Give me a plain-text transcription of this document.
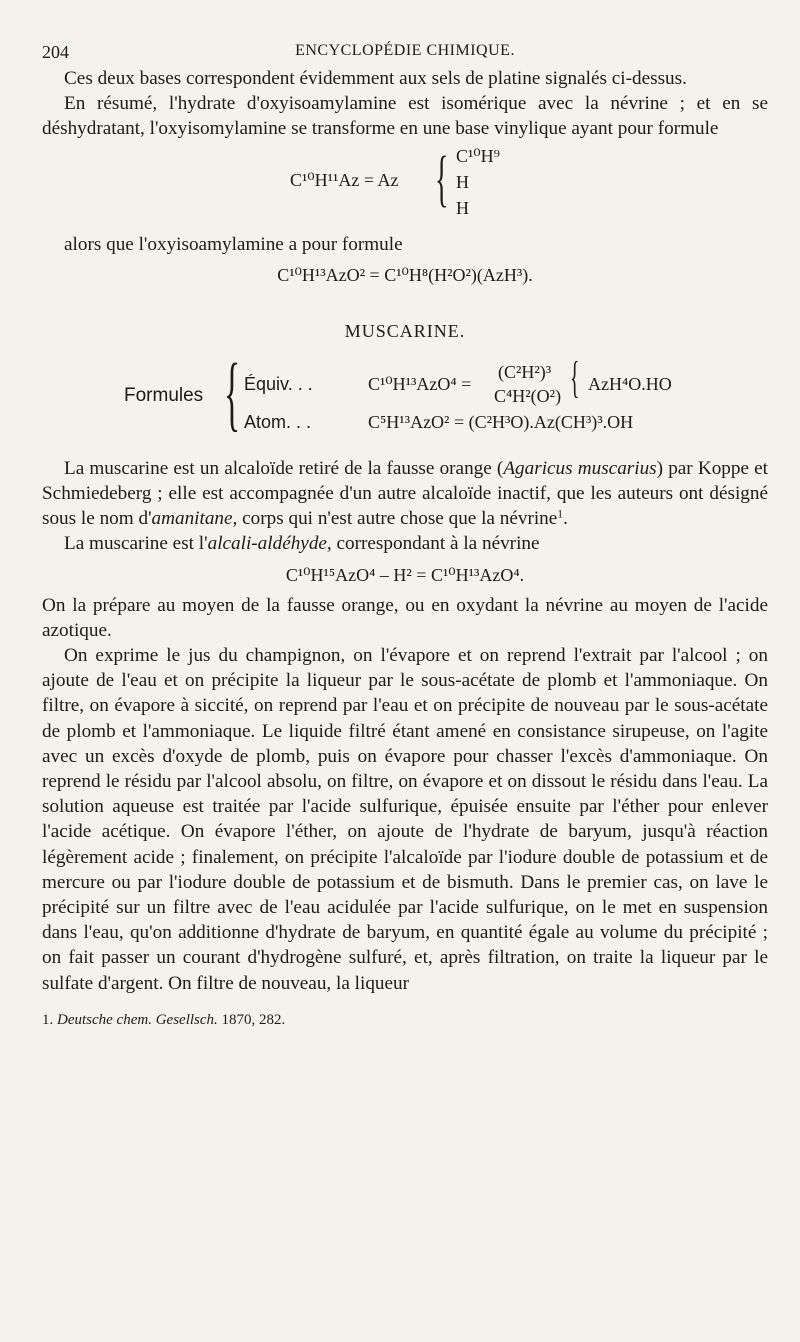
204	ENCYCLOPÉDIE CHIMIQUE.

Ces deux bases correspondent évidemment aux sels de platine signalés ci-dessus.

En résumé, l'hydrate d'oxyisoamylamine est isomérique avec la névrine ; et en se déshydratant, l'oxyisomylamine se transforme en une base vinylique ayant pour formule

C¹⁰H¹¹Az = Az { C¹⁰H⁹
H
H

alors que l'oxyisoamylamine a pour formule

C¹⁰H¹³AzO² = C¹⁰H⁸(H²O²)(AzH³).
MUSCARINE.
Formules { Équiv. . .	C¹⁰H¹³AzO⁴ =
(C²H²)³
C⁴H²(O²) { AzH⁴O.HO
Atom. . .	C⁵H¹³AzO² = (C²H³O).Az(CH³)³.OH

La muscarine est un alcaloïde retiré de la fausse orange (Agaricus muscarius) par Koppe et Schmiedeberg ; elle est accompagnée d'un autre alcaloïde inactif, que les auteurs ont désigné sous le nom d'amanitane, corps qui n'est autre chose que la névrine$^1$.

La muscarine est l'alcali-aldéhyde, correspondant à la névrine

C¹⁰H¹⁵AzO⁴ – H² = C¹⁰H¹³AzO⁴.

On la prépare au moyen de la fausse orange, ou en oxydant la névrine au moyen de l'acide azotique.

On exprime le jus du champignon, on l'évapore et on reprend l'extrait par l'alcool ; on ajoute de l'eau et on précipite la liqueur par le sous-acétate de plomb et l'ammoniaque. On filtre, on évapore à siccité, on reprend par l'eau et on précipite de nouveau par le sous-acétate de plomb et l'ammoniaque. Le liquide filtré étant amené en consistance sirupeuse, on l'agite avec un excès d'oxyde de plomb, puis on évapore pour chasser l'excès d'ammoniaque. On reprend le résidu par l'alcool absolu, on filtre, on évapore et on dissout le résidu dans l'eau. La solution aqueuse est traitée par l'acide sulfurique, épuisée ensuite par l'éther pour enlever l'acide acétique. On évapore l'éther, on ajoute de l'hydrate de baryum, jusqu'à réaction légèrement acide ; finalement, on précipite l'alcaloïde par l'iodure double de potassium et de mercure ou par l'iodure double de potassium et de bismuth. Dans le premier cas, on lave le précipité sur un filtre avec de l'eau acidulée par l'acide sulfurique, on le met en suspension dans l'eau, qu'on additionne d'hydrate de baryum, en quantité égale au volume du précipité ; on fait passer un courant d'hydrogène sulfuré, et, après filtration, on traite la liqueur par le sulfate d'argent. On filtre de nouveau, la liqueur

1. Deutsche chem. Gesellsch. 1870, 282.
